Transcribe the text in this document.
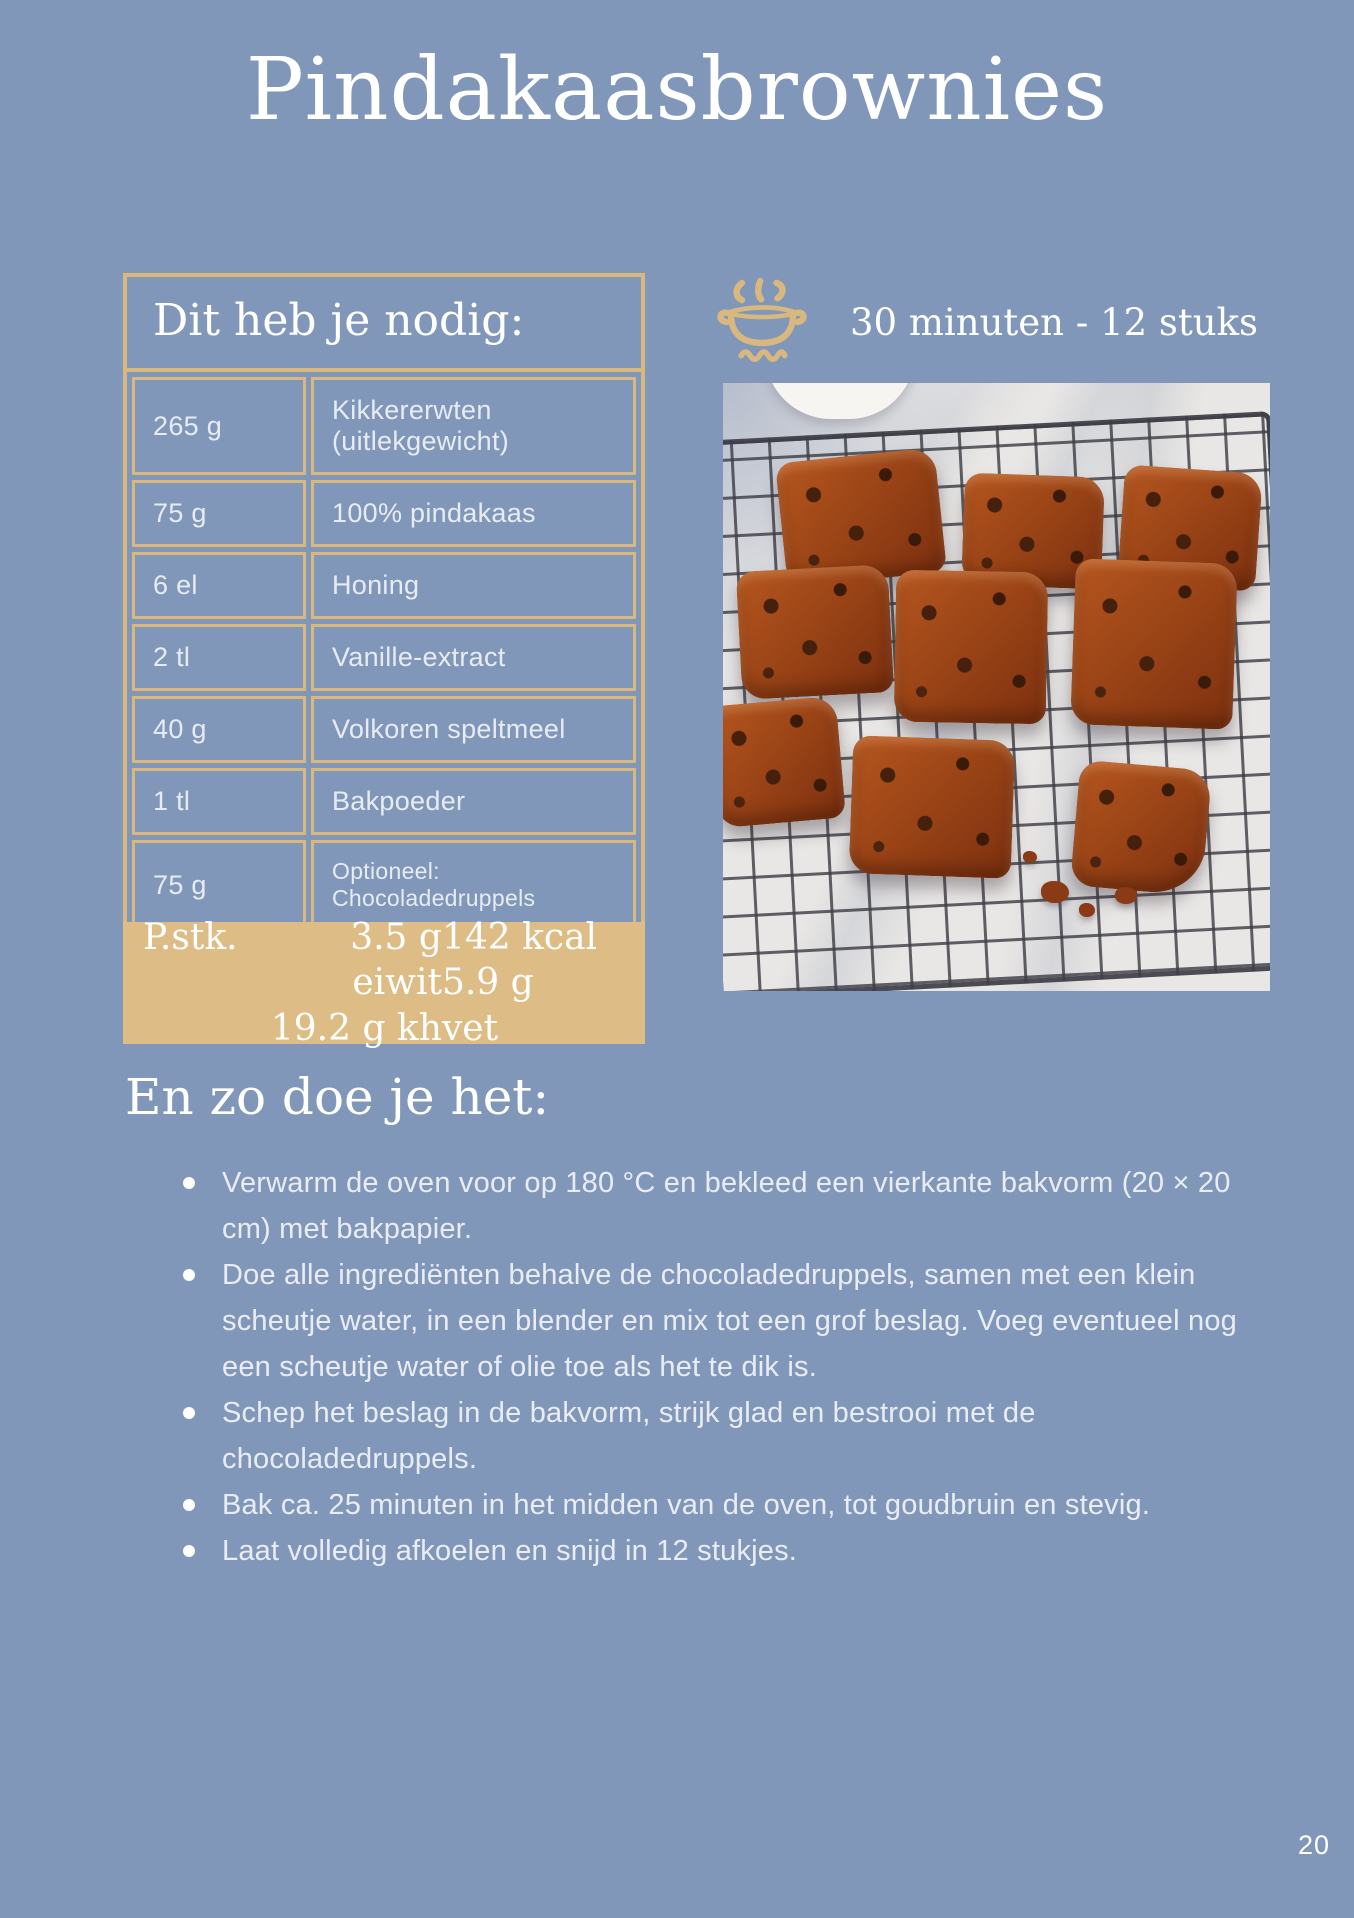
Pindakaasbrownies
Dit heb je nodig:
265 g	Kikkererwten (uitlekgewicht)
75 g	100% pindakaas
6 el	Honing
2 tl	Vanille-extract
40 g	Volkoren speltmeel
1 tl	Bakpoeder
75 g	Optioneel: Chocoladedruppels
P.stk.	3.5 g eiwit
19.2 g kh
142 kcal
5.9 g vet
30 minuten - 12 stuks
En zo doe je het:
Verwarm de oven voor op 180 °C en bekleed een vierkante bakvorm (20 × 20 cm) met bakpapier.
Doe alle ingrediënten behalve de chocoladedruppels, samen met een klein scheutje water, in een blender en mix tot een grof beslag. Voeg eventueel nog een scheutje water of olie toe als het te dik is.
Schep het beslag in de bakvorm, strijk glad en bestrooi met de chocoladedruppels.
Bak ca. 25 minuten in het midden van de oven, tot goudbruin en stevig.
Laat volledig afkoelen en snijd in 12 stukjes.
20
